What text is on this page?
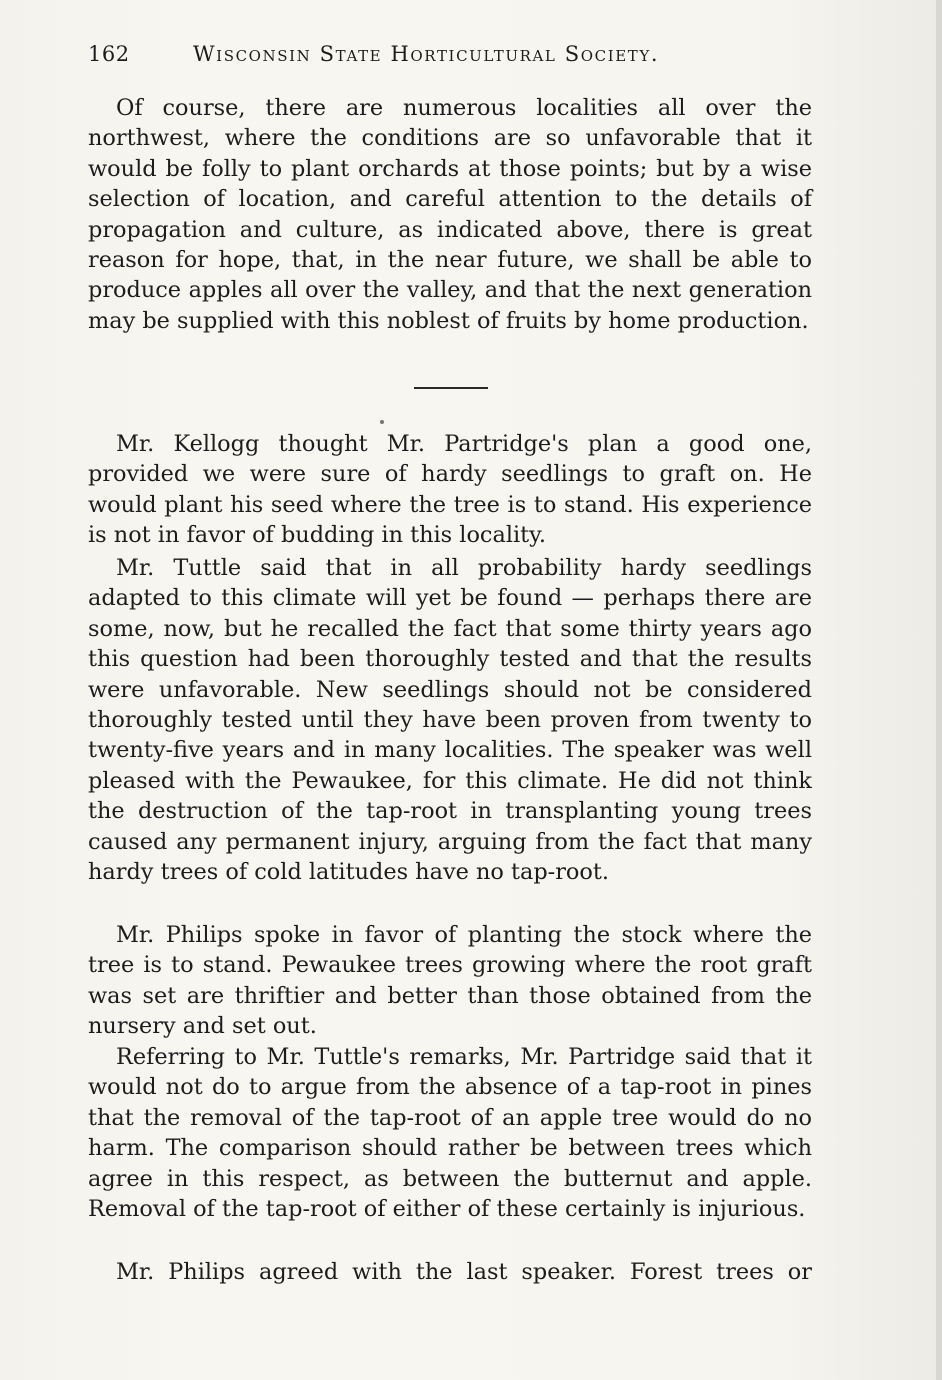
162	Wisconsin State Horticultural Society.

Of course, there are numerous localities all over the northwest, where the conditions are so unfavorable that it would be folly to plant orchards at those points; but by a wise selection of location, and careful attention to the details of propagation and culture, as indicated above, there is great reason for hope, that, in the near future, we shall be able to produce apples all over the valley, and that the next generation may be supplied with this noblest of fruits by home production.

Mr. Kellogg thought Mr. Partridge's plan a good one, provided we were sure of hardy seedlings to graft on. He would plant his seed where the tree is to stand. His experience is not in favor of budding in this locality.

Mr. Tuttle said that in all probability hardy seedlings adapted to this climate will yet be found — perhaps there are some, now, but he recalled the fact that some thirty years ago this question had been thoroughly tested and that the results were unfavorable. New seedlings should not be considered thoroughly tested until they have been proven from twenty to twenty-five years and in many localities. The speaker was well pleased with the Pewaukee, for this climate. He did not think the destruction of the tap-root in transplanting young trees caused any permanent injury, arguing from the fact that many hardy trees of cold latitudes have no tap-root.

Mr. Philips spoke in favor of planting the stock where the tree is to stand. Pewaukee trees growing where the root graft was set are thriftier and better than those obtained from the nursery and set out.

Referring to Mr. Tuttle's remarks, Mr. Partridge said that it would not do to argue from the absence of a tap-root in pines that the removal of the tap-root of an apple tree would do no harm. The comparison should rather be between trees which agree in this respect, as between the butternut and apple. Removal of the tap-root of either of these certainly is injurious.

Mr. Philips agreed with the last speaker. Forest trees or
